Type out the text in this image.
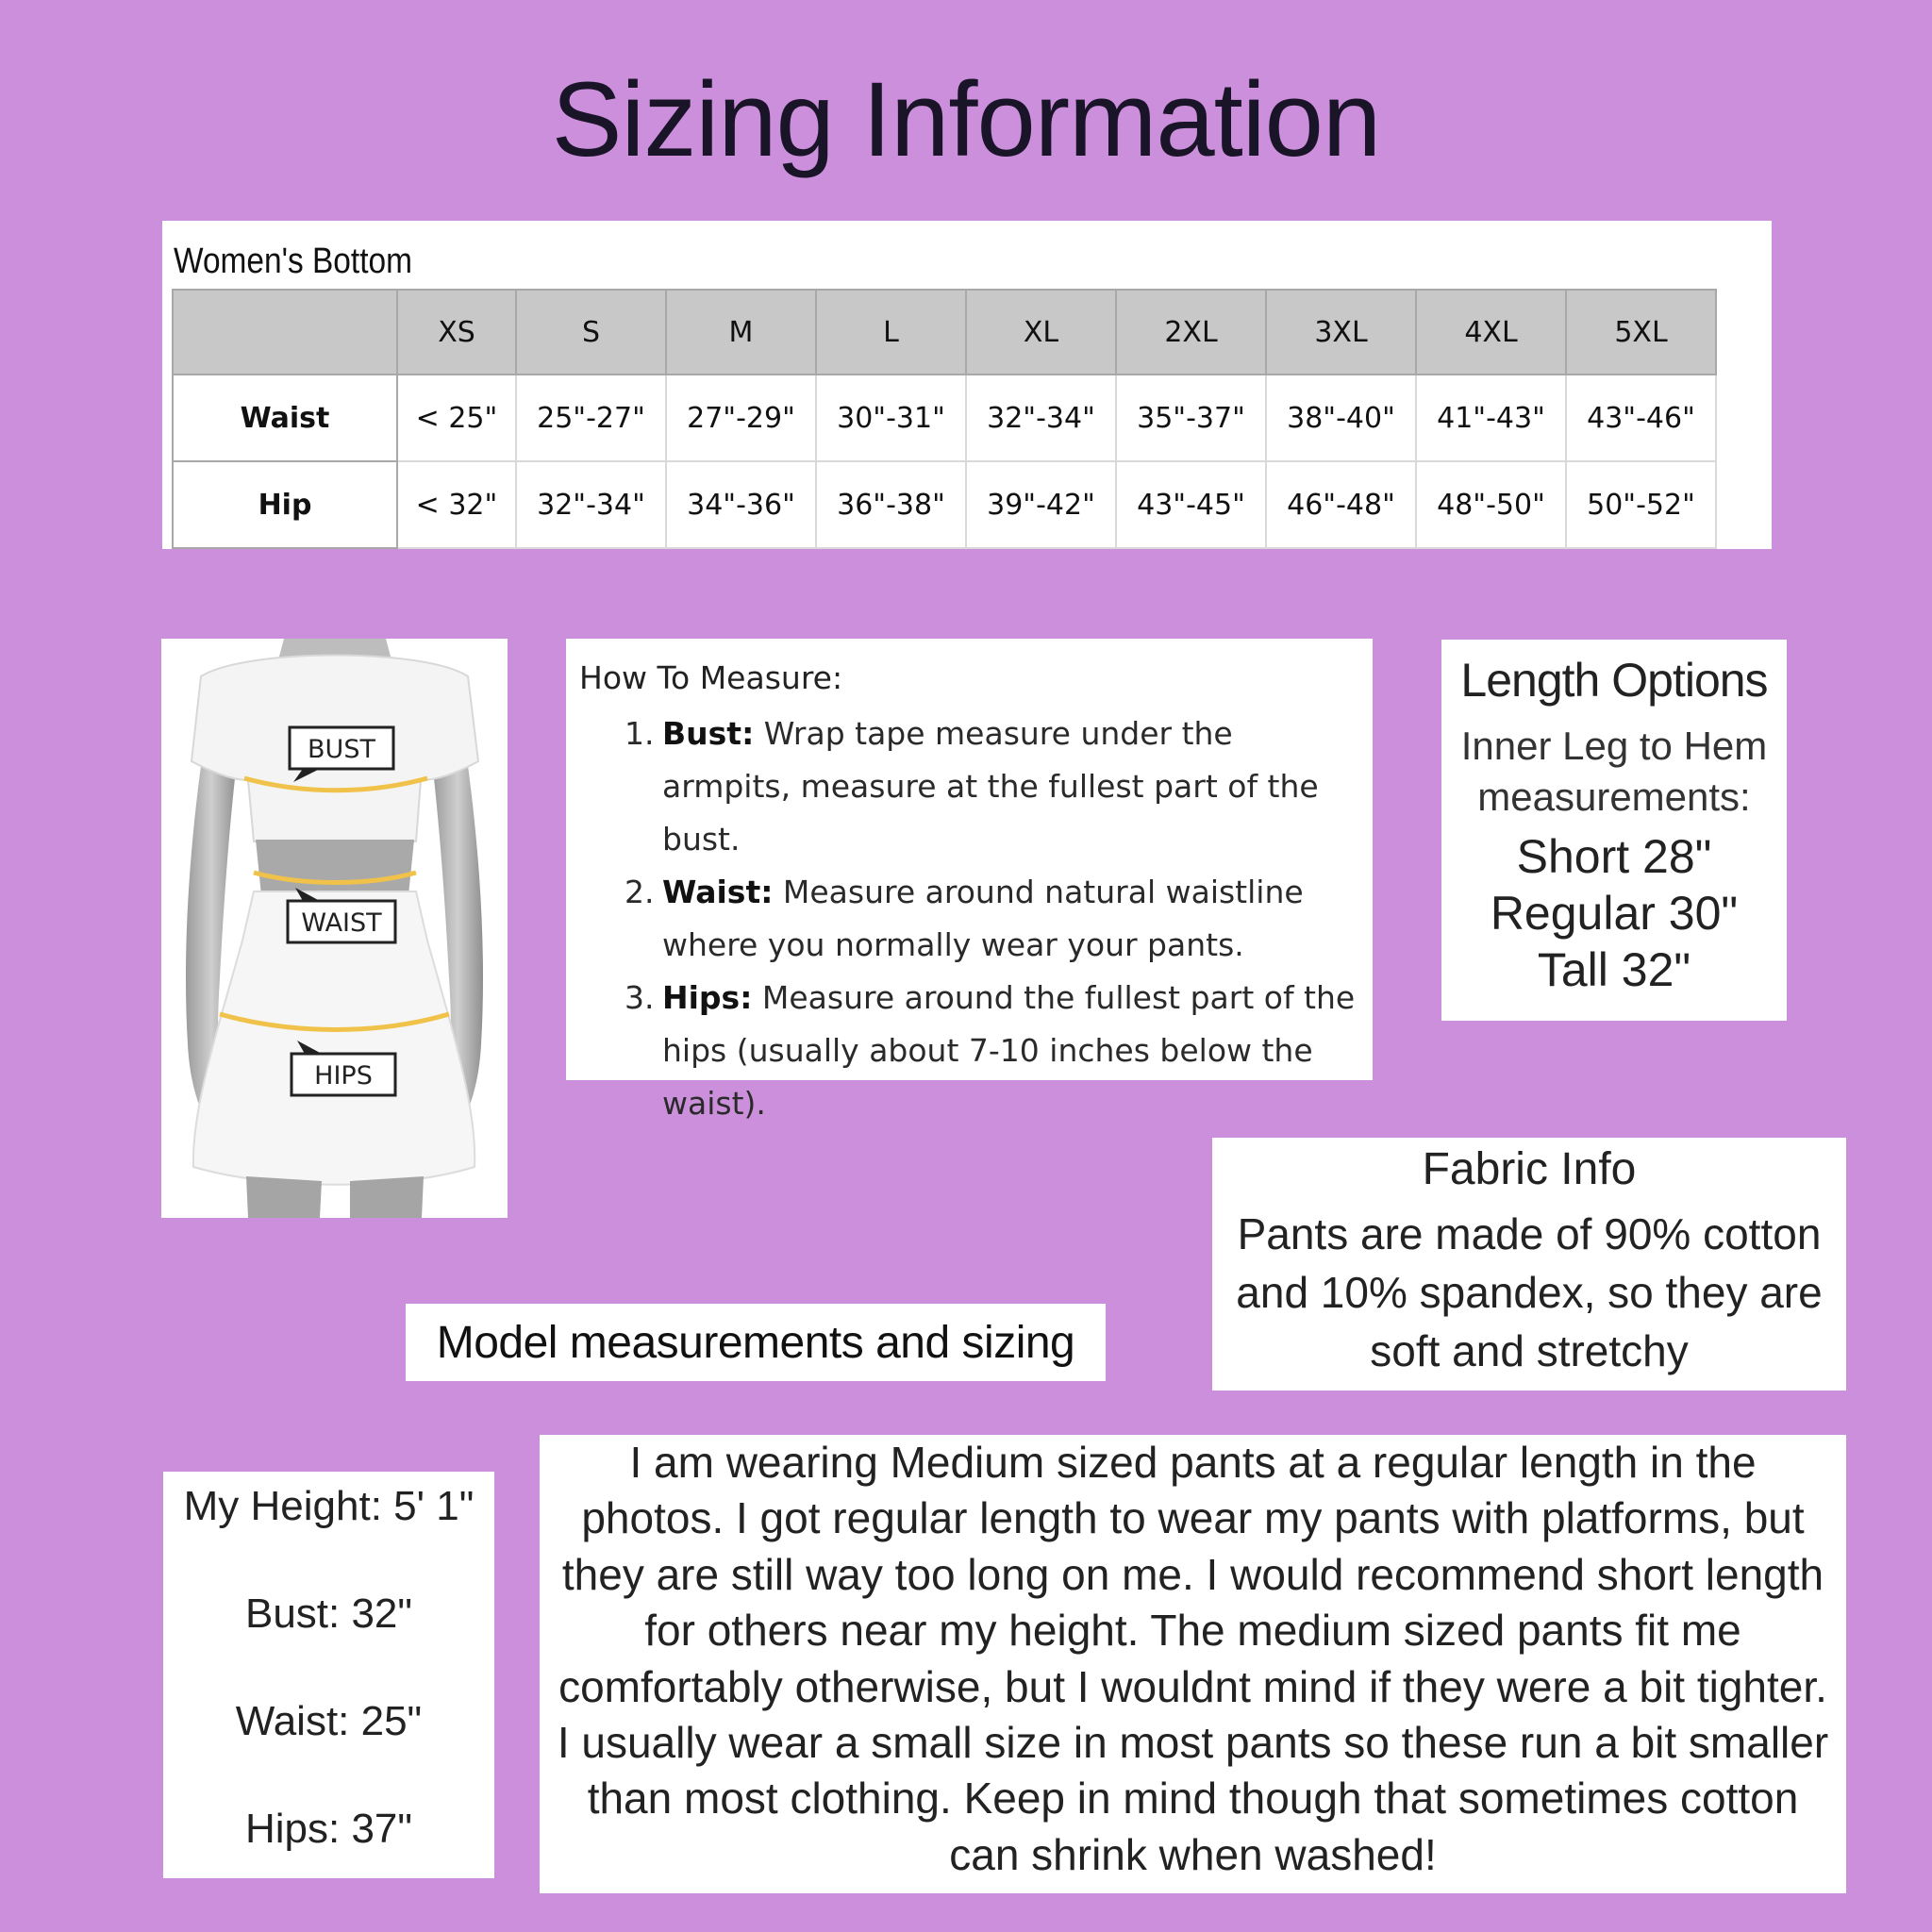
Sizing Information
Women's Bottom
	XS	S	M	L	XL	2XL	3XL	4XL	5XL
Waist	< 25"	25"-27"	27"-29"	30"-31"	32"-34"	35"-37"	38"-40"	41"-43"	43"-46"
Hip	< 32"	32"-34"	34"-36"	36"-38"	39"-42"	43"-45"	46"-48"	48"-50"	50"-52"
BUST
WAIST
HIPS
How To Measure:
1. Bust: Wrap tape measure under the armpits, measure at the fullest part of the bust.
2. Waist: Measure around natural waistline where you normally wear your pants.
3. Hips: Measure around the fullest part of the hips (usually about 7-10 inches below the waist).
Length Options
Inner Leg to Hem measurements:
Short 28"
Regular 30"
Tall 32"
Fabric Info
Pants are made of 90% cotton and 10% spandex, so they are soft and stretchy
Model measurements and sizing
My Height: 5' 1"
Bust: 32"
Waist: 25"
Hips: 37"
I am wearing Medium sized pants at a regular length in the photos. I got regular length to wear my pants with platforms, but they are still way too long on me. I would recommend short length for others near my height. The medium sized pants fit me comfortably otherwise, but I wouldnt mind if they were a bit tighter. I usually wear a small size in most pants so these run a bit smaller than most clothing. Keep in mind though that sometimes cotton can shrink when washed!
